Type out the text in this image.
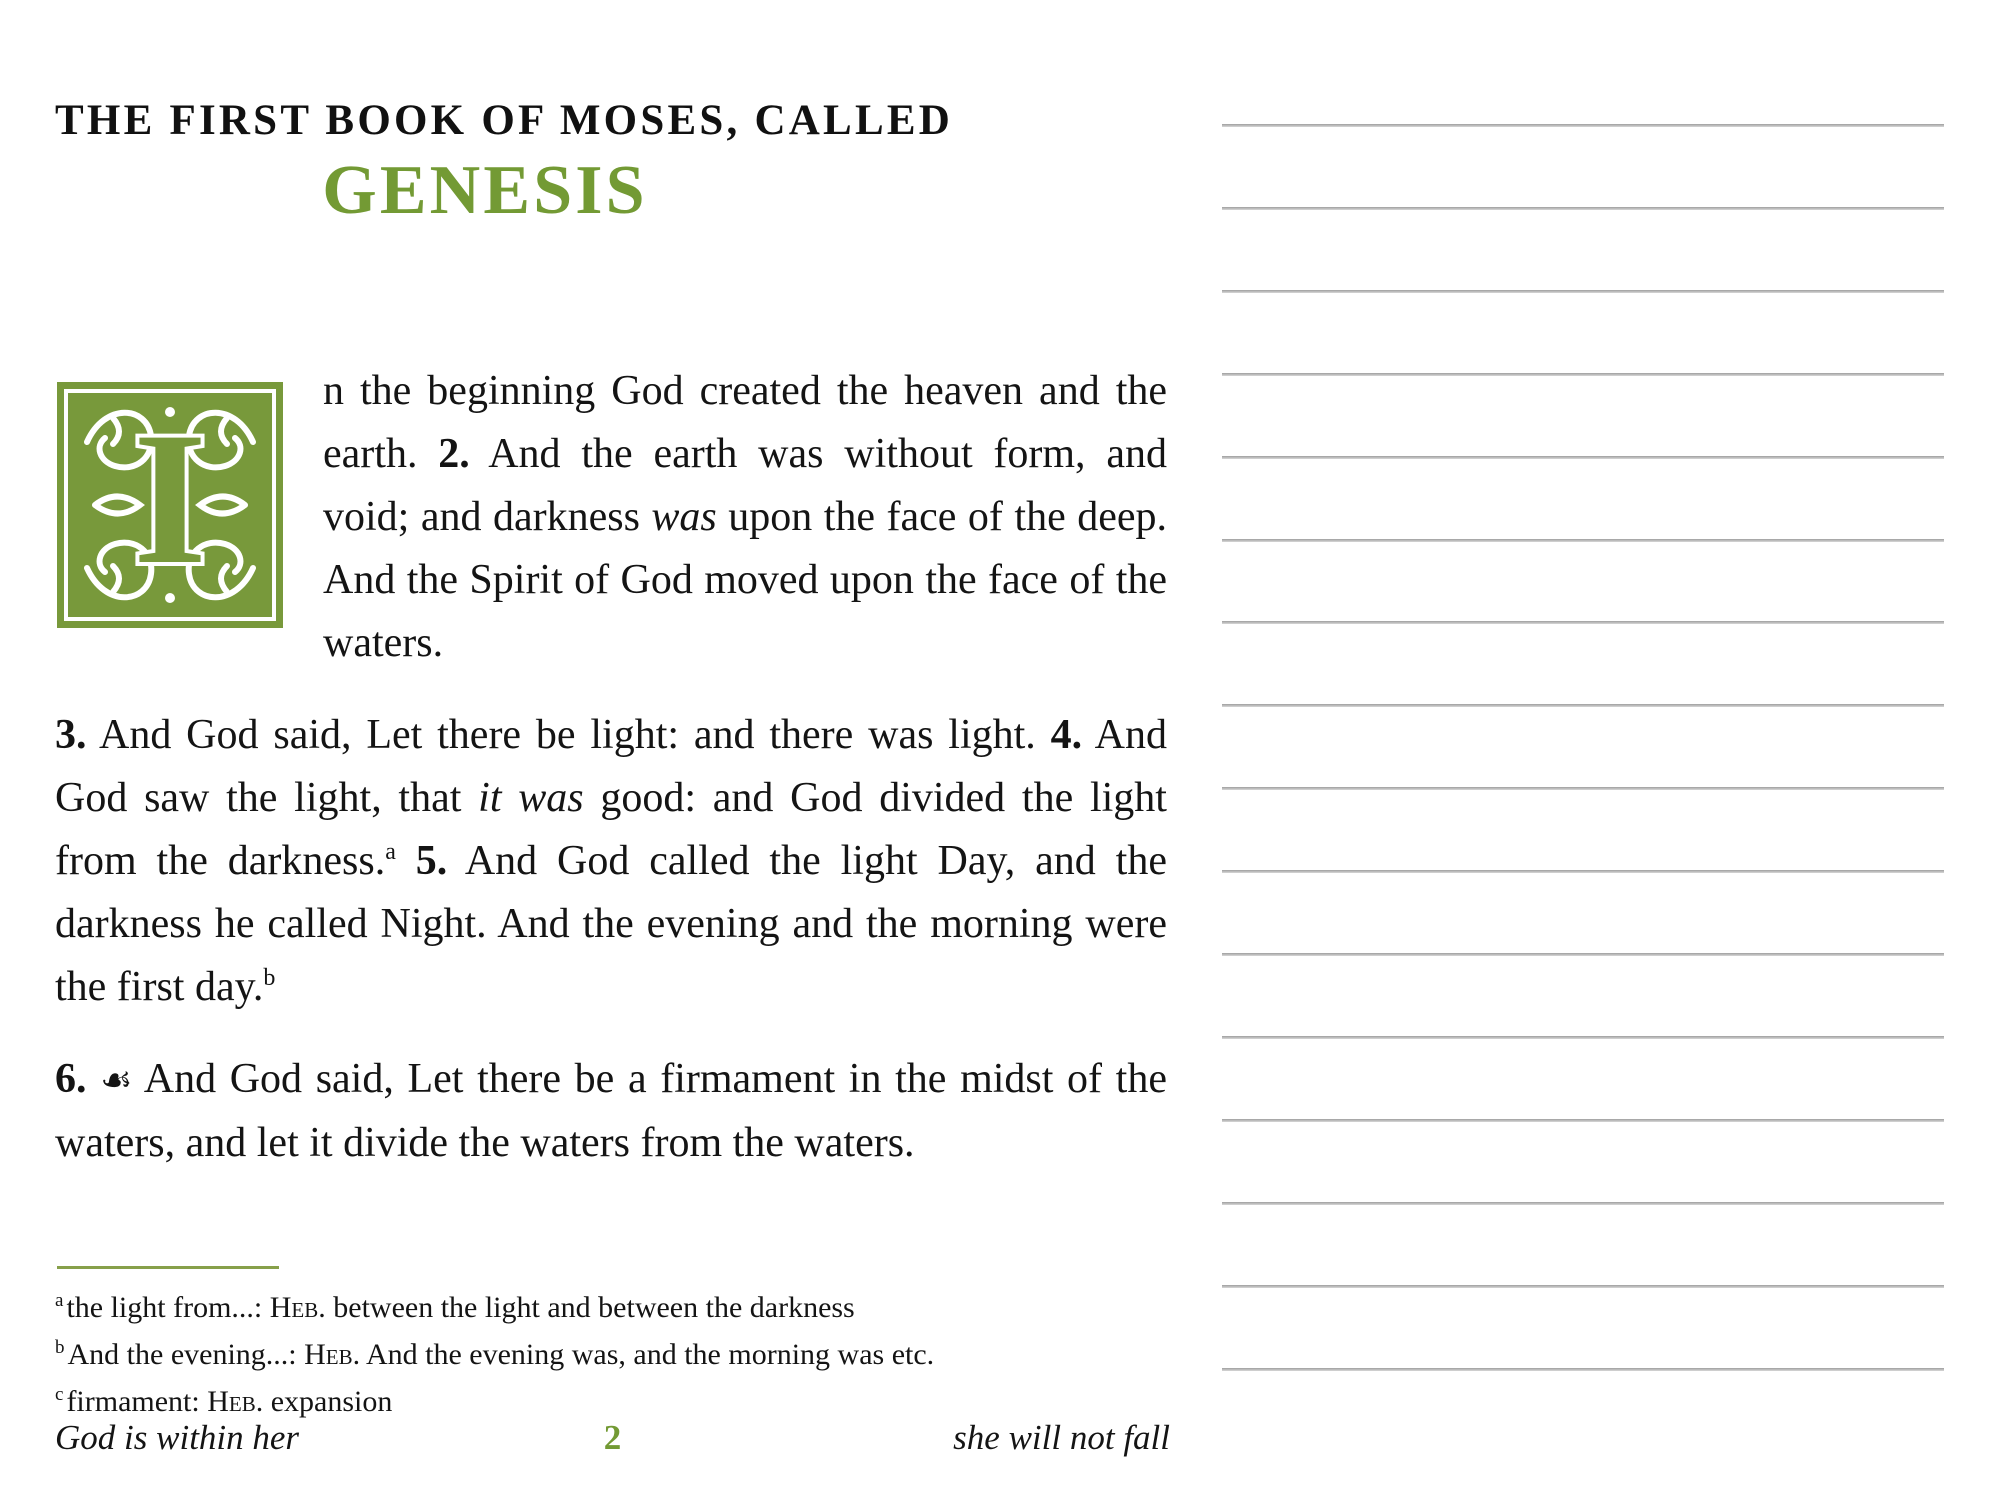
THE FIRST BOOK OF MOSES, CALLED
GENESIS

I
n the beginning God created the heaven and the earth. 2. And the earth was without form, and void; and darkness was upon the face of the deep. And the Spirit of God moved upon the face of the waters.

3. And God said, Let there be light: and there was light. 4. And God saw the light, that it was good: and God divided the light from the darkness.$^a$ 5. And God called the light Day, and the darkness he called Night. And the evening and the morning were the first day.$^b$

6. ☙ And God said, Let there be a firmament in the midst of the waters, and let it divide the waters from the waters.

$^a$ the light from...: Heb. between the light and between the darkness
$^b$ And the evening...: Heb. And the evening was, and the morning was etc.
$^c$ firmament: Heb. expansion
God is within her	2	she will not fall
